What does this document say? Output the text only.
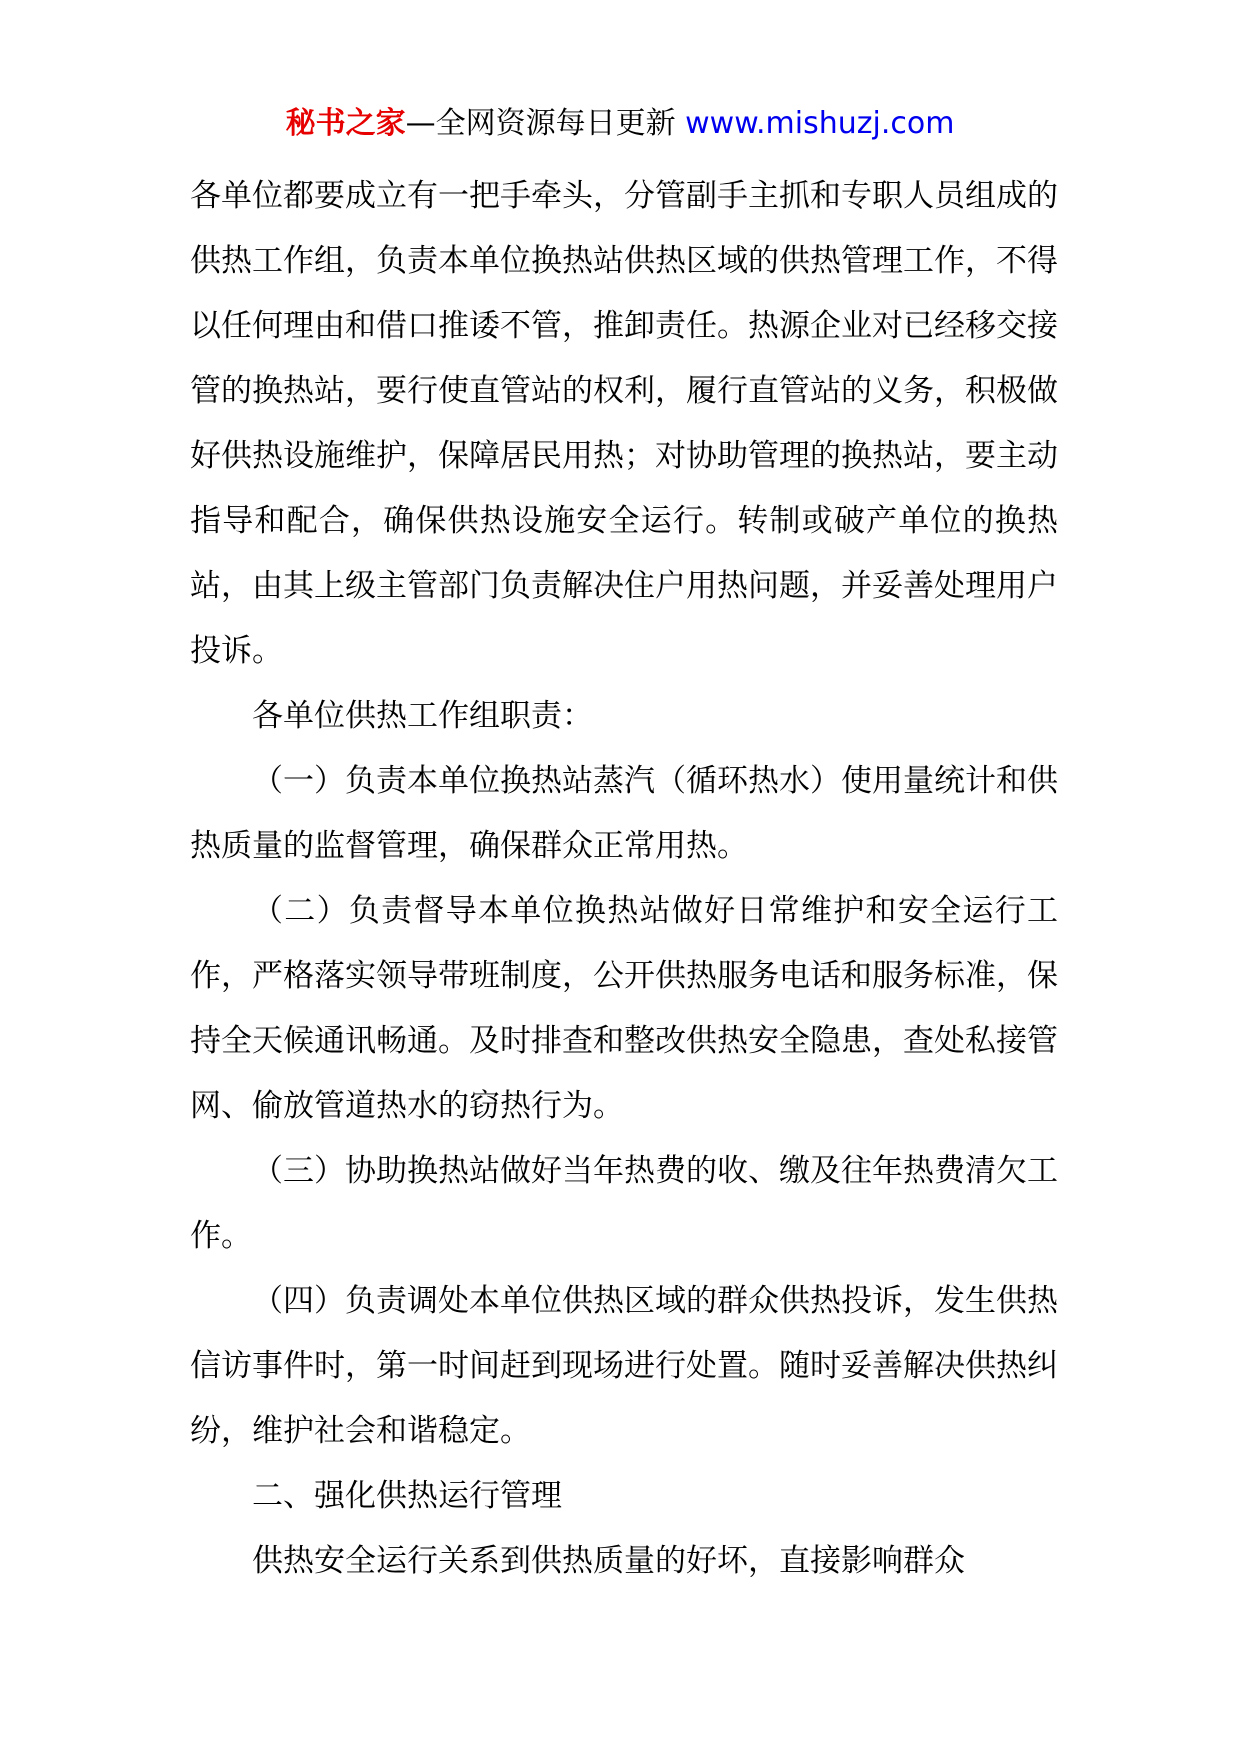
秘书之家—全网资源每日更新 www.mishuzj.com

各单位都要成立有一把手牵头，分管副手主抓和专职人员组成的供热工作组，负责本单位换热站供热区域的供热管理工作，不得以任何理由和借口推诿不管，推卸责任。热源企业对已经移交接管的换热站，要行使直管站的权利，履行直管站的义务，积极做好供热设施维护，保障居民用热；对协助管理的换热站，要主动指导和配合，确保供热设施安全运行。转制或破产单位的换热站，由其上级主管部门负责解决住户用热问题，并妥善处理用户投诉。

各单位供热工作组职责：

（一）负责本单位换热站蒸汽（循环热水）使用量统计和供热质量的监督管理，确保群众正常用热。

（二）负责督导本单位换热站做好日常维护和安全运行工作，严格落实领导带班制度，公开供热服务电话和服务标准，保持全天候通讯畅通。及时排查和整改供热安全隐患，查处私接管网、偷放管道热水的窃热行为。

（三）协助换热站做好当年热费的收、缴及往年热费清欠工作。

（四）负责调处本单位供热区域的群众供热投诉，发生供热信访事件时，第一时间赶到现场进行处置。随时妥善解决供热纠纷，维护社会和谐稳定。

二、强化供热运行管理

供热安全运行关系到供热质量的好坏，直接影响群众
